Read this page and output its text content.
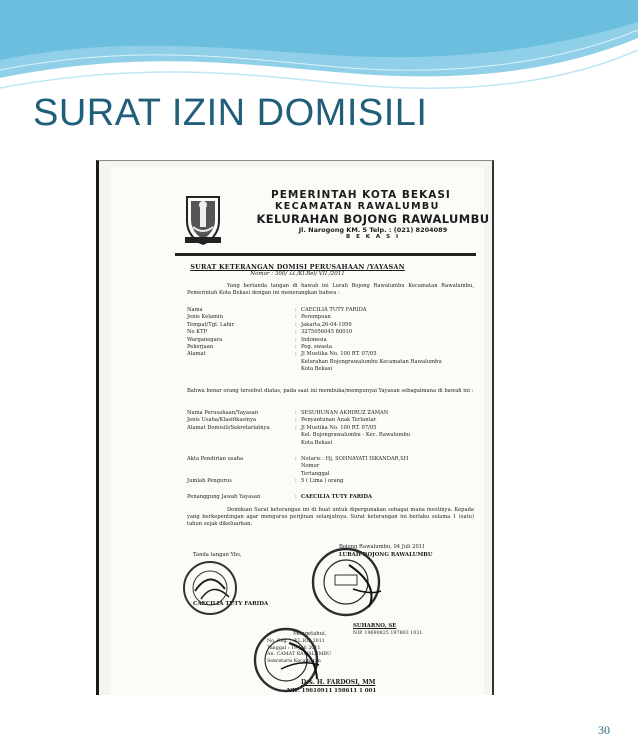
SURAT IZIN DOMISILI
PEMERINTAH KOTA BEKASI
KECAMATAN RAWALUMBU
KELURAHAN BOJONG RAWALUMBU
Jl. Narogong KM. 5 Telp. : (021) 8204089
B E K A S I
SURAT KETERANGAN DOMISI PERUSAHAAN /YAYASAN
Nomor : 300/ ٤٤ /Kl.Bel/ VII /2011
Yang bertanda tangan di bawah ini Lurah Bojong Rawalumbu Kecamatan Rawalumbu, Pemerintah Kota Bekasi dengan ini menerangkan bahwa :
Nama	: CAECILIA TUTY FARIDA
Jenis Kelamin	: Perempuan
Tempat/Tgl. Lahir	: Jakarta,26-04-1950
No KTP	: 3275056045 80010
Warganegara	: Indonesia
Pekerjaan	: Peg. swasta
Alamat	: Jl Mustika No. 100 RT. 07/05
Kelurahan Bojongrawalumbu Kecamatan Rawalumbu
Kota Bekasi
Bahwa benar orang tersebut diatas, pada saat ini membuka/mempunyai Yayasan sebagaimana di bawah ini :
Nama Perusahaan/Yayasan	: SESUHUNAN AKHIRUZ ZAMAN
Jenis Usaha/Klasifikasinya	: Penyantunan Anak Terlantar
Alamat Domisili/Sekretariatnya	: Jl Mustika No. 100 RT. 07/05
Kel. Bojongrawalumbu - Kec. Rawalumbu
Kota Bekasi
Akta Pendirian usaha	: Notaris : Hj. SOHNAYATI ISKANDAR,SH
Nomor
Tertanggal
Jumlah Pengurus	: 5 ( Lima ) orang
Penanggung Jawab Yayasan	: CAECILIA TUTY FARIDA
Demikian Surat keterangan ini di buat untuk dipergunakan sebagai mana mestinya. Kepada yang berkepentingan agar mengurus perijinan selanjutnya. Surat keterangan ini berlaku selama 1 (satu) tahun sejak dikeluarkan.
Tanda tangan Ybs,
CAECILIA TUTY FARIDA
Bojong Rawalumbu, 04 Juli 2011
LURAH BOJONG RAWALUMBU
SUHARNO, SE
NIP. 19690825 197803 1031
Mengetahui,
No. Reg. : /KL.RL/ 2011
Tanggal : 19 Juli 2011
An. CAMAT RAWALUMBU
Sekretaris Kecamatan
Drs. H. FARDOSI, MM
NIP. 19610911 198611 1 001
30
